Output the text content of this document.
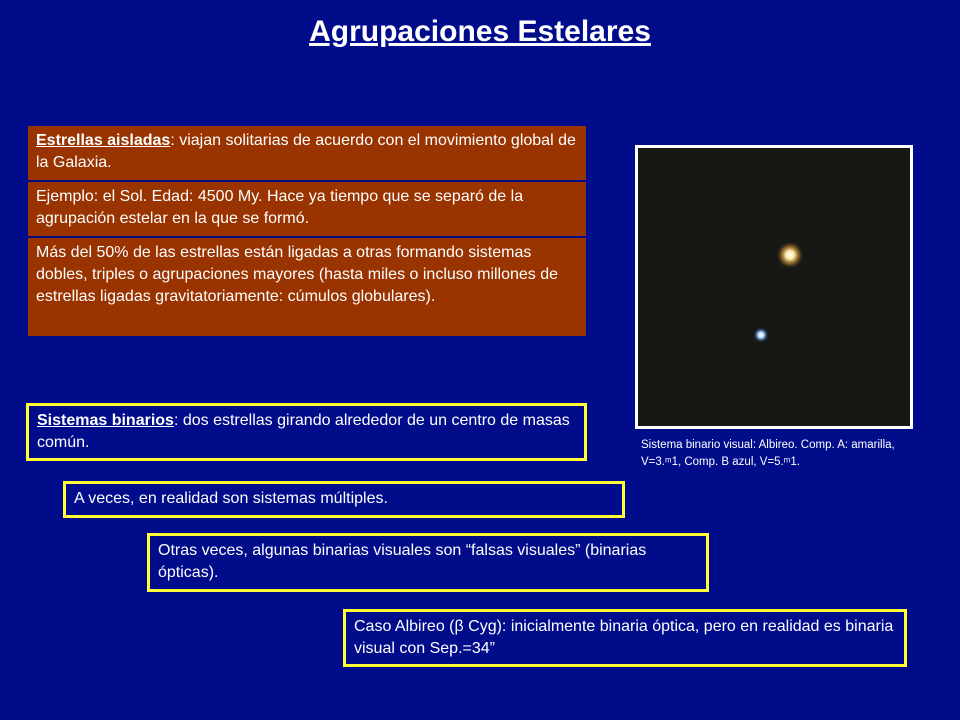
Agrupaciones Estelares
Estrellas aisladas: viajan solitarias de acuerdo con el movimiento global de la Galaxia.
Ejemplo: el Sol. Edad: 4500 My. Hace ya tiempo que se separó de la agrupación estelar en la que se formó.
Más del 50% de las estrellas están ligadas a otras formando sistemas dobles, triples o agrupaciones mayores (hasta miles o incluso millones de estrellas ligadas gravitatoriamente: cúmulos globulares).
Sistemas binarios: dos estrellas girando alrededor de un centro de masas común.
A veces, en realidad son sistemas múltiples.
Otras veces, algunas binarias visuales son “falsas visuales” (binarias ópticas).
Caso Albireo (β Cyg): inicialmente binaria óptica, pero en realidad es binaria visual con Sep.=34”
Sistema binario visual: Albireo. Comp. A: amarilla, V=3.ᵐ1, Comp. B azul, V=5.ᵐ1.
